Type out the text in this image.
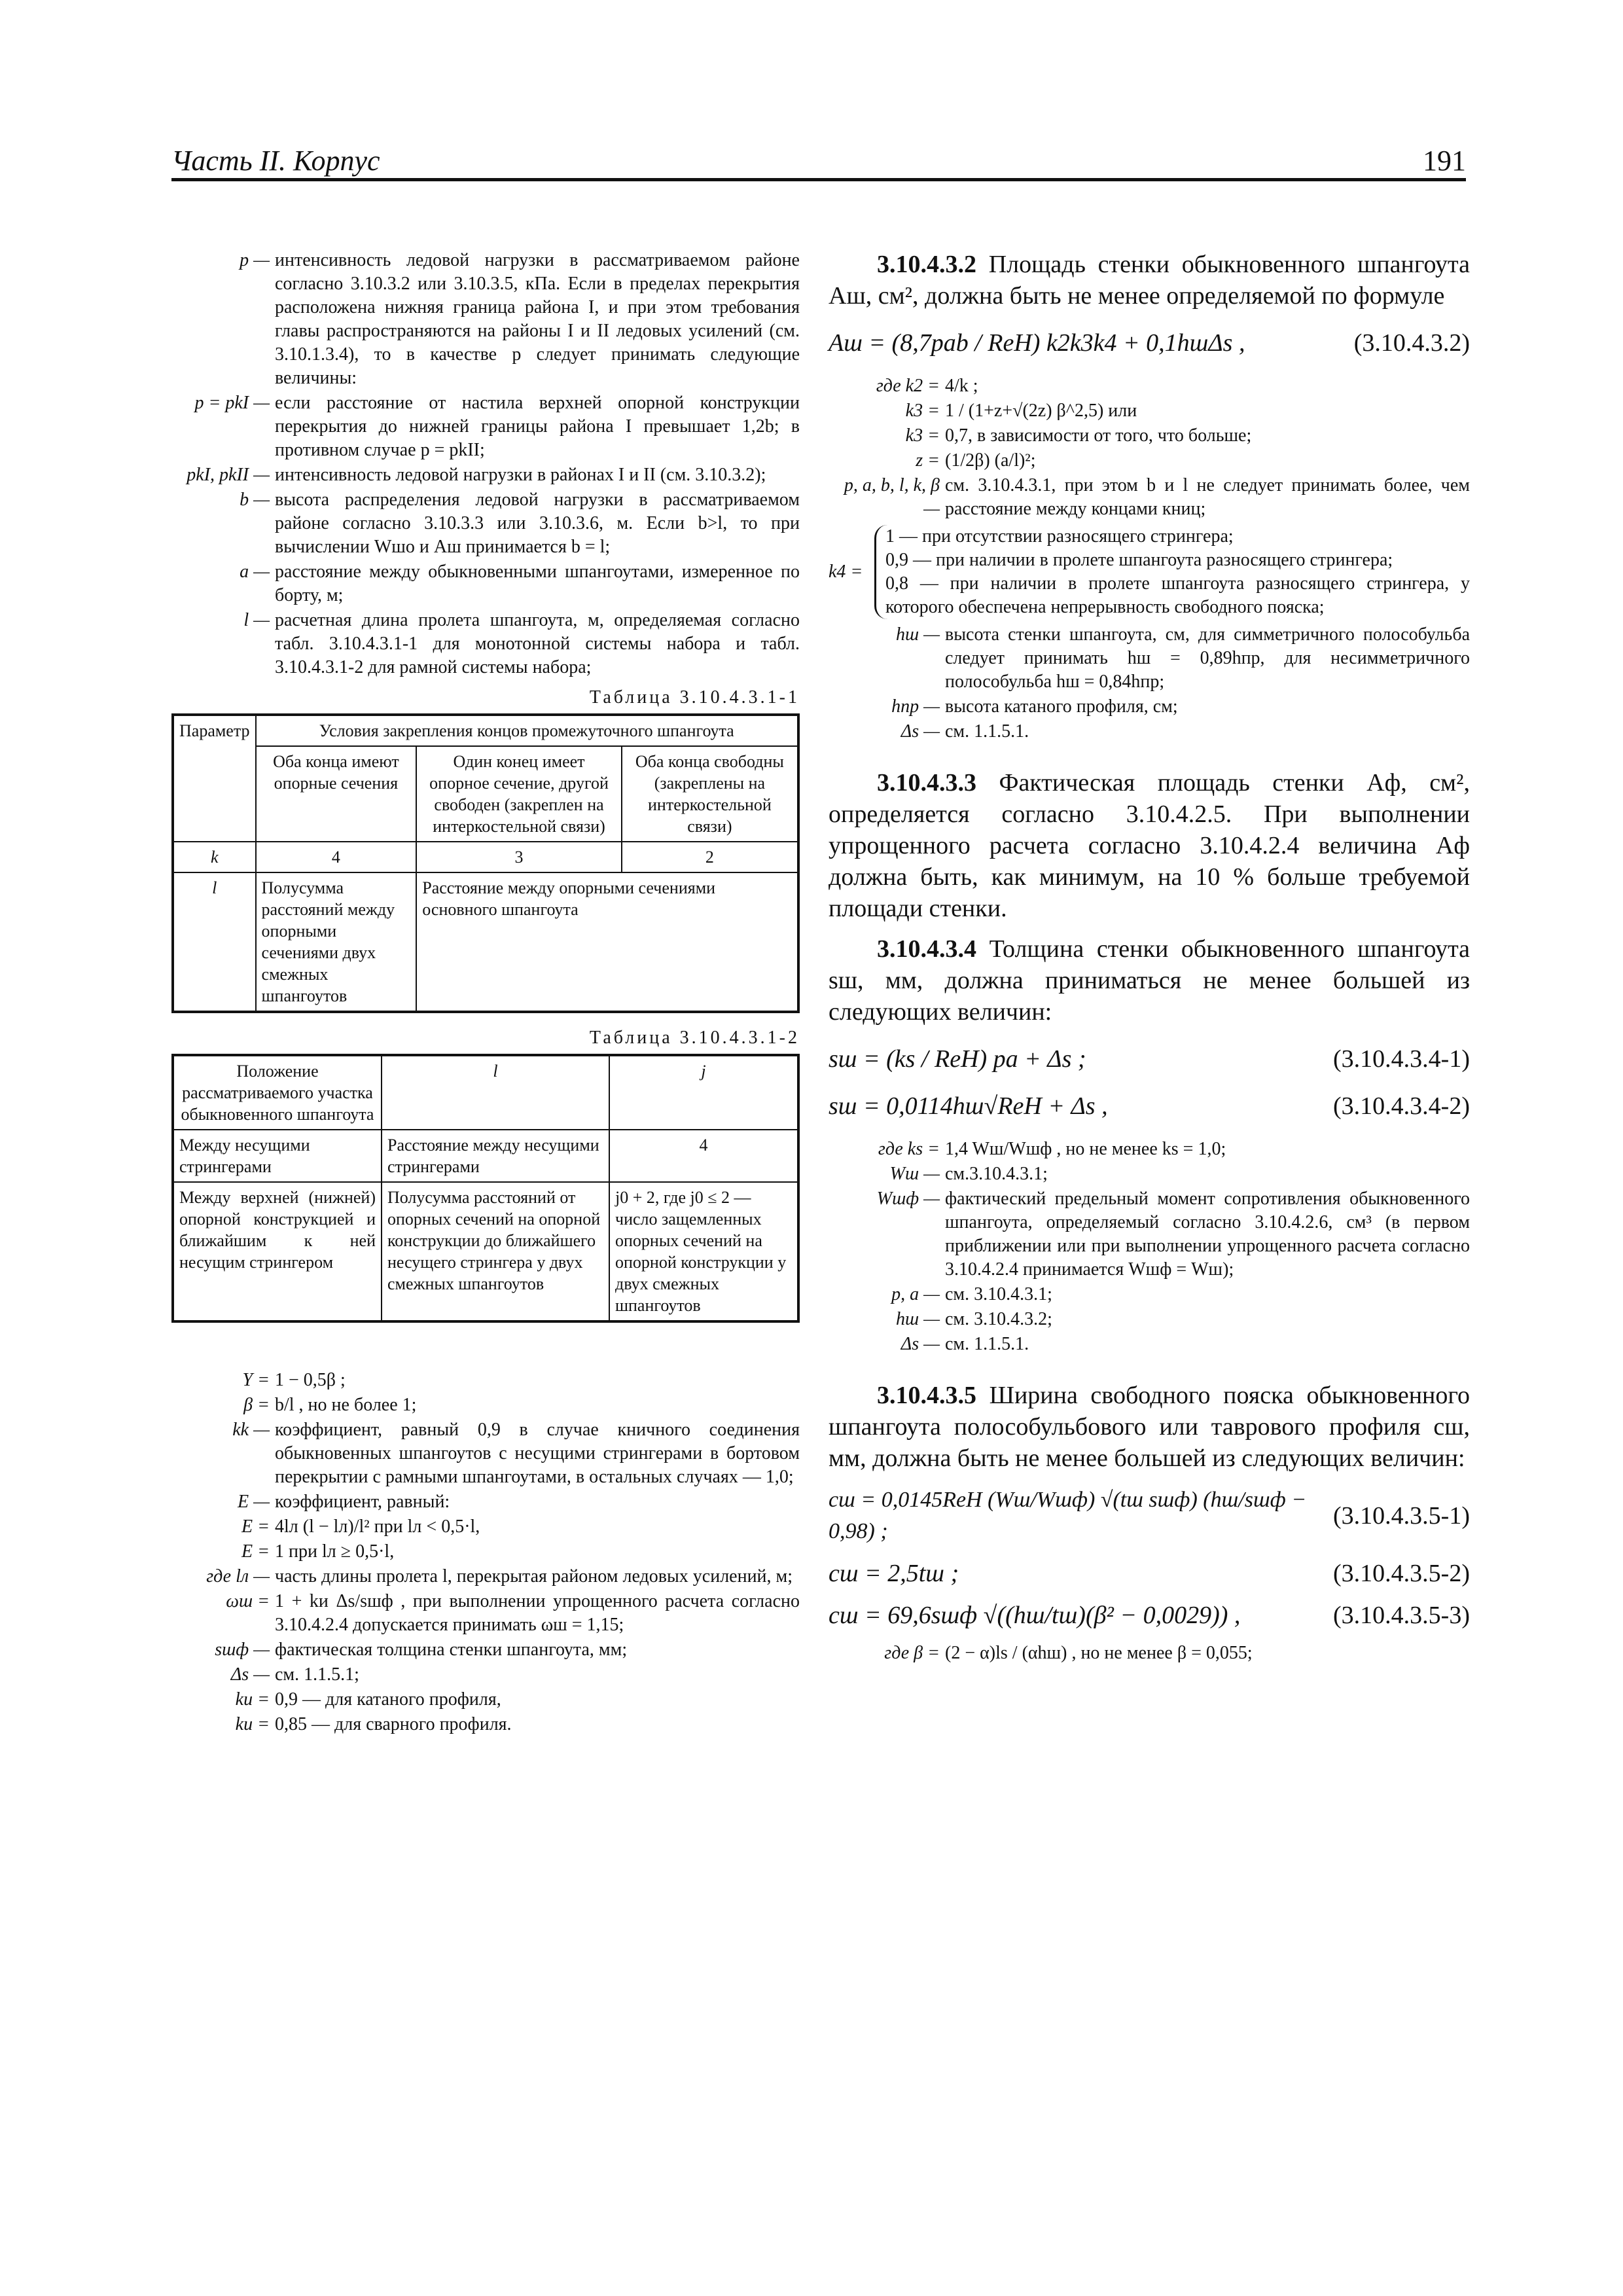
Часть II. Корпус	191
p — интенсивность ледовой нагрузки в рассматриваемом районе согласно 3.10.3.2 или 3.10.3.5, кПа. Если в пределах перекрытия расположена нижняя граница района I, и при этом требования главы распространяются на районы I и II ледовых усилений (см. 3.10.1.3.4), то в качестве p следует принимать следующие величины:
p = pkI — если расстояние от настила верхней опорной конструкции перекрытия до нижней границы района I превышает 1,2b; в противном случае p = pkII;
pkI, pkII — интенсивность ледовой нагрузки в районах I и II (см. 3.10.3.2);
b — высота распределения ледовой нагрузки в рассматриваемом районе согласно 3.10.3.3 или 3.10.3.6, м. Если b>l, то при вычислении Wшо и Aш принимается b = l;
a — расстояние между обыкновенными шпангоутами, измеренное по борту, м;
l — расчетная длина пролета шпангоута, м, определяемая согласно табл. 3.10.4.3.1-1 для монотонной системы набора и табл. 3.10.4.3.1-2 для рамной системы набора;
Таблица 3.10.4.3.1-1
Параметр	Условия закрепления концов промежуточного шпангоута		
	Оба конца имеют опорные сечения	Один конец имеет опорное сечение, другой свободен (закреплен на интеркостельной связи)	Оба конца свободны (закреплены на интеркостельной связи)
k	4	3	2
l	Полусумма расстояний между опорными сечениями двух смежных шпангоутов	Расстояние между опорными сечениями основного шпангоута	
Таблица 3.10.4.3.1-2
Положение рассматриваемого участка обыкновенного шпангоута	l	j
Между несущими стрингерами	Расстояние между несущими стрингерами	4
Между верхней (нижней) опорной конструкцией и ближайшим к ней несущим стрингером	Полусумма расстояний от опорных сечений на опорной конструкции до ближайшего несущего стрингера у двух смежных шпангоутов	j0 + 2, где j0 ≤ 2 — число защемленных опорных сечений на опорной конструкции у двух смежных шпангоутов
Y = 1 − 0,5β ;
β = b/l , но не более 1;
kk — коэффициент, равный 0,9 в случае кничного соединения обыкновенных шпангоутов с несущими стрингерами в бортовом перекрытии с рамными шпангоутами, в остальных случаях — 1,0;
E — коэффициент, равный:
E = 4lл (l − lл)/l² при lл < 0,5·l,
E = 1 при lл ≥ 0,5·l,
где lл — часть длины пролета l, перекрытая районом ледовых усилений, м;
ωш = 1 + kи Δs/sшф , при выполнении упрощенного расчета согласно 3.10.4.2.4 допускается принимать ωш = 1,15;
sшф — фактическая толщина стенки шпангоута, мм;
Δs — см. 1.1.5.1;
kи = 0,9 — для катаного профиля,
kи = 0,85 — для сварного профиля.

3.10.4.3.2 Площадь стенки обыкновенного шпангоута Aш, см², должна быть не менее определяемой по формуле

Aш = (8,7pab / ReH) k2k3k4 + 0,1hшΔs ,	(3.10.4.3.2)
где k2 = 4/k ;
k3 = 1 / (1+z+√(2z) β^2,5) или
k3 = 0,7, в зависимости от того, что больше;
z = (1/2β) (a/l)²;
p, a, b, l, k, β —
см. 3.10.4.3.1, при этом b и l не следует принимать более, чем расстояние между концами книц;
k4 =
1 — при отсутствии разносящего стрингера;
0,9 — при наличии в пролете шпангоута разносящего стрингера;
0,8 — при наличии в пролете шпангоута разносящего стрингера, у которого обеспечена непрерывность свободного пояска;
hш — высота стенки шпангоута, см, для симметричного полособульба следует принимать hш = 0,89hпр, для несимметричного полособульба hш = 0,84hпр;
hпр — высота катаного профиля, см;
Δs — см. 1.1.5.1.

3.10.4.3.3 Фактическая площадь стенки Aф, см², определяется согласно 3.10.4.2.5. При выполнении упрощенного расчета согласно 3.10.4.2.4 величина Aф должна быть, как минимум, на 10 % больше требуемой площади стенки.

3.10.4.3.4 Толщина стенки обыкновенного шпангоута sш, мм, должна приниматься не менее большей из следующих величин:

sш = (ks / ReH) pa + Δs ;	(3.10.4.3.4-1)
sш = 0,0114hш√ReH + Δs ,	(3.10.4.3.4-2)
где ks = 1,4 Wш/Wшф , но не менее ks = 1,0;
Wш — см.3.10.4.3.1;
Wшф — фактический предельный момент сопротивления обыкновенного шпангоута, определяемый согласно 3.10.4.2.6, см³ (в первом приближении или при выполнении упрощенного расчета согласно 3.10.4.2.4 принимается Wшф = Wш);
p, a — см. 3.10.4.3.1;
hш — см. 3.10.4.3.2;
Δs — см. 1.1.5.1.

3.10.4.3.5 Ширина свободного пояска обыкновенного шпангоута полособульбового или таврового профиля cш, мм, должна быть не менее большей из следующих величин:

cш = 0,0145ReH (Wш/Wшф) √(tш sшф) (hш/sшф − 0,98) ;
(3.10.4.3.5-1)
cш = 2,5tш ;	(3.10.4.3.5-2)
cш = 69,6sшф √((hш/tш)(β² − 0,0029)) ,	(3.10.4.3.5-3)
где β = (2 − α)ls / (αhш) , но не менее β = 0,055;
